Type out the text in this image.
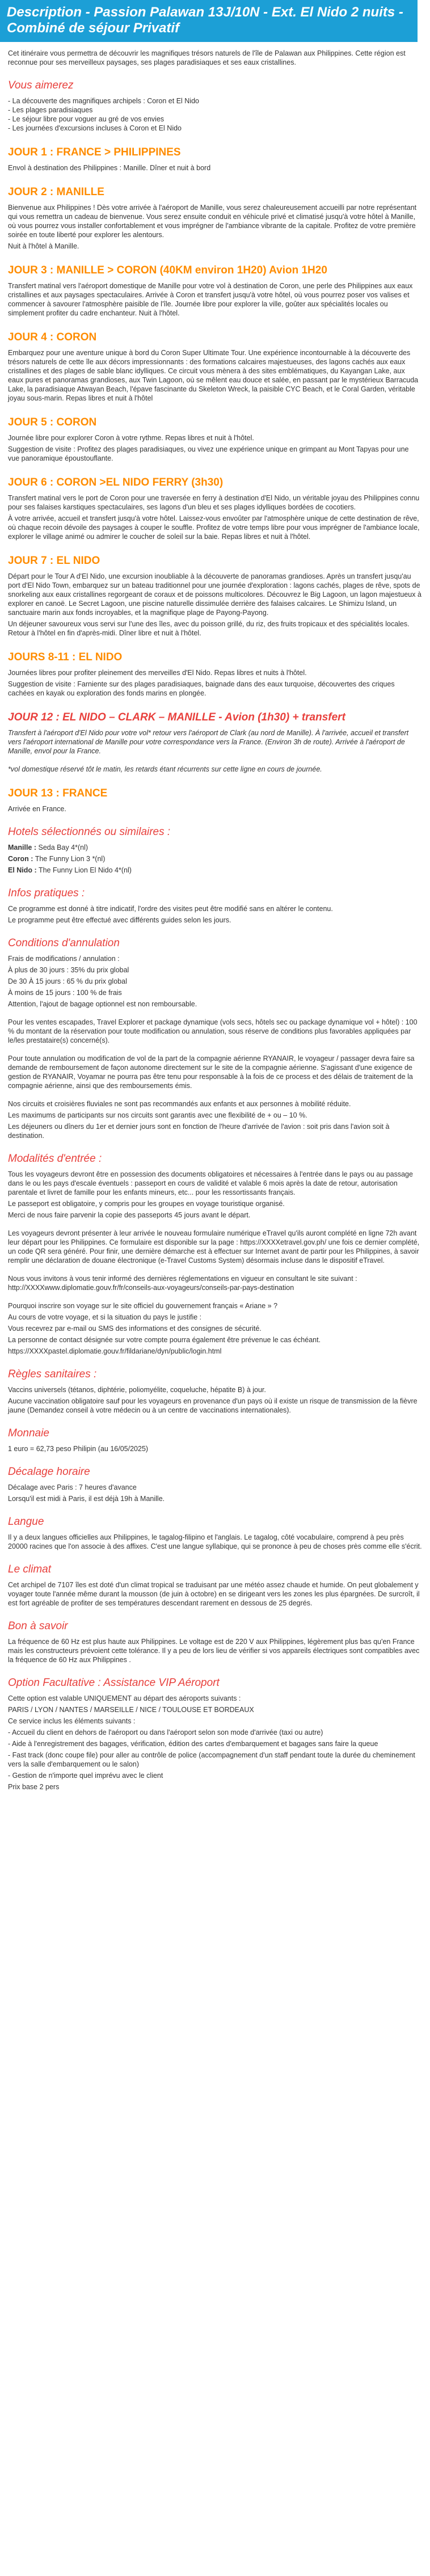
Description - Passion Palawan 13J/10N - Ext. El Nido 2 nuits - Combiné de séjour Privatif

Cet itinéraire vous permettra de découvrir les magnifiques trésors naturels de l'île de Palawan aux Philippines. Cette région est reconnue pour ses merveilleux paysages, ses plages paradisiaques et ses eaux cristallines.

Vous aimerez
- La découverte des magnifiques archipels : Coron et El Nido
- Les plages paradisiaques
- Le séjour libre pour voguer au gré de vos envies
- Les journées d'excursions incluses à Coron et El Nido
JOUR 1 : FRANCE > PHILIPPINES

Envol à destination des Philippines : Manille. Dîner et nuit à bord

JOUR 2 : MANILLE

Bienvenue aux Philippines ! Dès votre arrivée à l'aéroport de Manille, vous serez chaleureusement accueilli par notre représentant qui vous remettra un cadeau de bienvenue. Vous serez ensuite conduit en véhicule privé et climatisé jusqu'à votre hôtel à Manille, où vous pourrez vous installer confortablement et vous imprégner de l'ambiance vibrante de la capitale. Profitez de votre première soirée en toute liberté pour explorer les alentours.

Nuit à l'hôtel à Manille.

JOUR 3 : MANILLE > CORON (40KM environ 1H20) Avion 1H20

Transfert matinal vers l'aéroport domestique de Manille pour votre vol à destination de Coron, une perle des Philippines aux eaux cristallines et aux paysages spectaculaires. Arrivée à Coron et transfert jusqu'à votre hôtel, où vous pourrez poser vos valises et commencer à savourer l'atmosphère paisible de l'île. Journée libre pour explorer la ville, goûter aux spécialités locales ou simplement profiter du cadre enchanteur. Nuit à l'hôtel.

JOUR 4 : CORON

Embarquez pour une aventure unique à bord du Coron Super Ultimate Tour. Une expérience incontournable à la découverte des trésors naturels de cette île aux décors impressionnants : des formations calcaires majestueuses, des lagons cachés aux eaux cristallines et des plages de sable blanc idylliques. Ce circuit vous mènera à des sites emblématiques, du Kayangan Lake, aux eaux pures et panoramas grandioses, aux Twin Lagoon, où se mêlent eau douce et salée, en passant par le mystérieux Barracuda Lake, la paradisiaque Atwayan Beach, l'épave fascinante du Skeleton Wreck, la paisible CYC Beach, et le Coral Garden, véritable joyau sous-marin. Repas libres et nuit à l'hôtel

JOUR 5 : CORON

Journée libre pour explorer Coron à votre rythme. Repas libres et nuit à l'hôtel.

Suggestion de visite : Profitez des plages paradisiaques, ou vivez une expérience unique en grimpant au Mont Tapyas pour une vue panoramique époustouflante.

JOUR 6 : CORON >EL NIDO FERRY (3h30)

Transfert matinal vers le port de Coron pour une traversée en ferry à destination d'El Nido, un véritable joyau des Philippines connu pour ses falaises karstiques spectaculaires, ses lagons d'un bleu et ses plages idylliques bordées de cocotiers.

À votre arrivée, accueil et transfert jusqu'à votre hôtel. Laissez-vous envoûter par l'atmosphère unique de cette destination de rêve, où chaque recoin dévoile des paysages à couper le souffle. Profitez de votre temps libre pour vous imprégner de l'ambiance locale, explorer le village animé ou admirer le coucher de soleil sur la baie. Repas libres et nuit à l'hôtel.

JOUR 7 : EL NIDO

Départ pour le Tour A d'El Nido, une excursion inoubliable à la découverte de panoramas grandioses. Après un transfert jusqu'au port d'El Nido Town, embarquez sur un bateau traditionnel pour une journée d'exploration : lagons cachés, plages de rêve, spots de snorkeling aux eaux cristallines regorgeant de coraux et de poissons multicolores. Découvrez le Big Lagoon, un lagon majestueux à explorer en canoë. Le Secret Lagoon, une piscine naturelle dissimulée derrière des falaises calcaires. Le Shimizu Island, un sanctuaire marin aux fonds incroyables, et la magnifique plage de Payong-Payong.

Un déjeuner savoureux vous servi sur l'une des îles, avec du poisson grillé, du riz, des fruits tropicaux et des spécialités locales. Retour à l'hôtel en fin d'après-midi. Dîner libre et nuit à l'hôtel.

JOURS 8-11 : EL NIDO

Journées libres pour profiter pleinement des merveilles d'El Nido. Repas libres et nuits à l'hôtel.

Suggestion de visite : Farniente sur des plages paradisiaques, baignade dans des eaux turquoise, découvertes des criques cachées en kayak ou exploration des fonds marins en plongée.

JOUR 12 : EL NIDO – CLARK – MANILLE - Avion (1h30) + transfert

Transfert à l'aéroport d'El Nido pour votre vol* retour vers l'aéroport de Clark (au nord de Manille). À l'arrivée, accueil et transfert vers l'aéroport international de Manille pour votre correspondance vers la France. (Environ 3h de route). Arrivée à l'aéroport de Manille, envol pour la France.

*vol domestique réservé tôt le matin, les retards étant récurrents sur cette ligne en cours de journée.

JOUR 13 : FRANCE

Arrivée en France.

Hotels sélectionnés ou similaires :

Manille : Seda Bay 4*(nl)

Coron : The Funny Lion 3 *(nl)

El Nido : The Funny Lion El Nido 4*(nl)

Infos pratiques :

Ce programme est donné à titre indicatif, l'ordre des visites peut être modifié sans en altérer le contenu.

Le programme peut être effectué avec différents guides selon les jours.

Conditions d'annulation

Frais de modifications / annulation :

À plus de 30 jours : 35% du prix global

De 30 À 15 jours : 65 % du prix global

À moins de 15 jours : 100 % de frais

Attention, l'ajout de bagage optionnel est non remboursable.

Pour les ventes escapades, Travel Explorer et package dynamique (vols secs, hôtels sec ou package dynamique vol + hôtel) : 100 % du montant de la réservation pour toute modification ou annulation, sous réserve de conditions plus favorables appliquées par le/les prestataire(s) concerné(s).

Pour toute annulation ou modification de vol de la part de la compagnie aérienne RYANAIR, le voyageur / passager devra faire sa demande de remboursement de façon autonome directement sur le site de la compagnie aérienne. S'agissant d'une exigence de gestion de RYANAIR, Voyamar ne pourra pas être tenu pour responsable à la fois de ce process et des délais de traitement de la compagnie aérienne, ainsi que des remboursements émis.

Nos circuits et croisières fluviales ne sont pas recommandés aux enfants et aux personnes à mobilité réduite.

Les maximums de participants sur nos circuits sont garantis avec une flexibilité de + ou – 10 %.

Les déjeuners ou dîners du 1er et dernier jours sont en fonction de l'heure d'arrivée de l'avion : soit pris dans l'avion soit à destination.

Modalités d'entrée :

Tous les voyageurs devront être en possession des documents obligatoires et nécessaires à l'entrée dans le pays ou au passage dans le ou les pays d'escale éventuels : passeport en cours de validité et valable 6 mois après la date de retour, autorisation parentale et livret de famille pour les enfants mineurs, etc... pour les ressortissants français.

Le passeport est obligatoire, y compris pour les groupes en voyage touristique organisé.

Merci de nous faire parvenir la copie des passeports 45 jours avant le départ.

Les voyageurs devront présenter à leur arrivée le nouveau formulaire numérique eTravel qu'ils auront complété en ligne 72h avant leur départ pour les Philippines. Ce formulaire est disponible sur la page : https://XXXXetravel.gov.ph/ une fois ce dernier complété, un code QR sera généré. Pour finir, une dernière démarche est à effectuer sur Internet avant de partir pour les Philippines, à savoir remplir une déclaration de douane électronique (e-Travel Customs System) désormais incluse dans le dispositif eTravel.

Nous vous invitons à vous tenir informé des dernières réglementations en vigueur en consultant le site suivant : http://XXXXwww.diplomatie.gouv.fr/fr/conseils-aux-voyageurs/conseils-par-pays-destination

Pourquoi inscrire son voyage sur le site officiel du gouvernement français « Ariane » ?

Au cours de votre voyage, et si la situation du pays le justifie :

Vous recevrez par e-mail ou SMS des informations et des consignes de sécurité.

La personne de contact désignée sur votre compte pourra également être prévenue le cas échéant.

https://XXXXpastel.diplomatie.gouv.fr/fildariane/dyn/public/login.html

Règles sanitaires :

Vaccins universels (tétanos, diphtérie, poliomyélite, coqueluche, hépatite B) à jour.

Aucune vaccination obligatoire sauf pour les voyageurs en provenance d'un pays où il existe un risque de transmission de la fièvre jaune (Demandez conseil à votre médecin ou à un centre de vaccinations internationales).

Monnaie

1 euro = 62,73 peso Philipin (au 16/05/2025)

Décalage horaire

Décalage avec Paris : 7 heures d'avance

Lorsqu'il est midi à Paris, il est déjà 19h à Manille.

Langue

Il y a deux langues officielles aux Philippines, le tagalog-filipino et l'anglais. Le tagalog, côté vocabulaire, comprend à peu près 20000 racines que l'on associe à des affixes. C'est une langue syllabique, qui se prononce à peu de choses près comme elle s'écrit.

Le climat

Cet archipel de 7107 îles est doté d'un climat tropical se traduisant par une météo assez chaude et humide. On peut globalement y voyager toute l'année même durant la mousson (de juin à octobre) en se dirigeant vers les zones les plus épargnées. De surcroît, il est fort agréable de profiter de ses températures descendant rarement en dessous de 25 degrés.

Bon à savoir

La fréquence de 60 Hz est plus haute aux Philippines. Le voltage est de 220 V aux Philippines, légèrement plus bas qu'en France mais les constructeurs prévoient cette tolérance. Il y a peu de lors lieu de vérifier si vos appareils électriques sont compatibles avec la fréquence de 60 Hz aux Philippines .

Option Facultative : Assistance VIP Aéroport

Cette option est valable UNIQUEMENT au départ des aéroports suivants :

PARIS / LYON / NANTES / MARSEILLE / NICE / TOULOUSE ET BORDEAUX

Ce service inclus les éléments suivants :

- Accueil du client en dehors de l'aéroport ou dans l'aéroport selon son mode d'arrivée (taxi ou autre)

- Aide à l'enregistrement des bagages, vérification, édition des cartes d'embarquement et bagages sans faire la queue

- Fast track (donc coupe file) pour aller au contrôle de police (accompagnement d'un staff pendant toute la durée du cheminement vers la salle d'embarquement ou le salon)

- Gestion de n'importe quel imprévu avec le client

Prix base 2 pers
